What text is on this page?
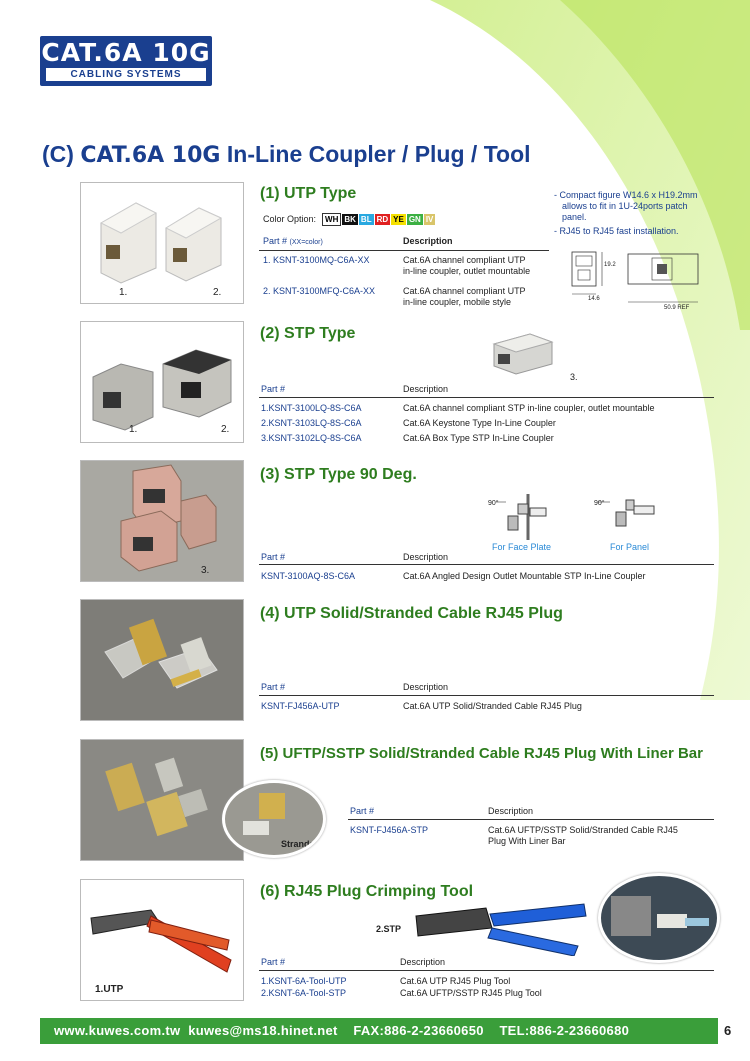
CAT.6A 10G
CABLING SYSTEMS
(C) CAT.6A 10G In-Line Coupler / Plug / Tool
1.	2.
(1) UTP Type
Color Option: WH BK BL RD YE GN IV
Part # (XX=color)	Description
1. KSNT-3100MQ-C6A-XX	Cat.6A channel compliant UTP
in-line coupler, outlet mountable
2. KSNT-3100MFQ-C6A-XX	Cat.6A channel compliant UTP
in-line coupler, mobile style
- Compact figure W14.6 x H19.2mm
allows to fit in 1U-24ports patch
panel.
- RJ45 to RJ45 fast installation.
19.2
14.6
50.9 REF
1.	2.
(2) STP Type
3.
Part #	Description
1.KSNT-3100LQ-8S-C6A	Cat.6A channel compliant STP in-line coupler, outlet mountable
2.KSNT-3103LQ-8S-C6A	Cat.6A Keystone Type In-Line Coupler
3.KSNT-3102LQ-8S-C6A	Cat.6A Box Type STP In-Line Coupler
3.
(3) STP Type 90 Deg.
90°	90°
For Face Plate	For Panel
Part #	Description
KSNT-3100AQ-8S-C6A	Cat.6A Angled Design Outlet Mountable STP In-Line Coupler
(4) UTP Solid/Stranded Cable RJ45 Plug
Part #	Description
KSNT-FJ456A-UTP	Cat.6A UTP Solid/Stranded Cable RJ45 Plug
Stranded
(5) UFTP/SSTP Solid/Stranded Cable RJ45 Plug With Liner Bar
Part #	Description
KSNT-FJ456A-STP	Cat.6A UFTP/SSTP Solid/Stranded Cable RJ45
Plug With Liner Bar
1.UTP
(6) RJ45 Plug Crimping Tool
2.STP
Part #	Description
1.KSNT-6A-Tool-UTP	Cat.6A UTP RJ45 Plug Tool
2.KSNT-6A-Tool-STP	Cat.6A UFTP/SSTP RJ45 Plug Tool
www.kuwes.com.tw kuwes@ms18.hinet.net FAX:886-2-23660650 TEL:886-2-23660680	6
